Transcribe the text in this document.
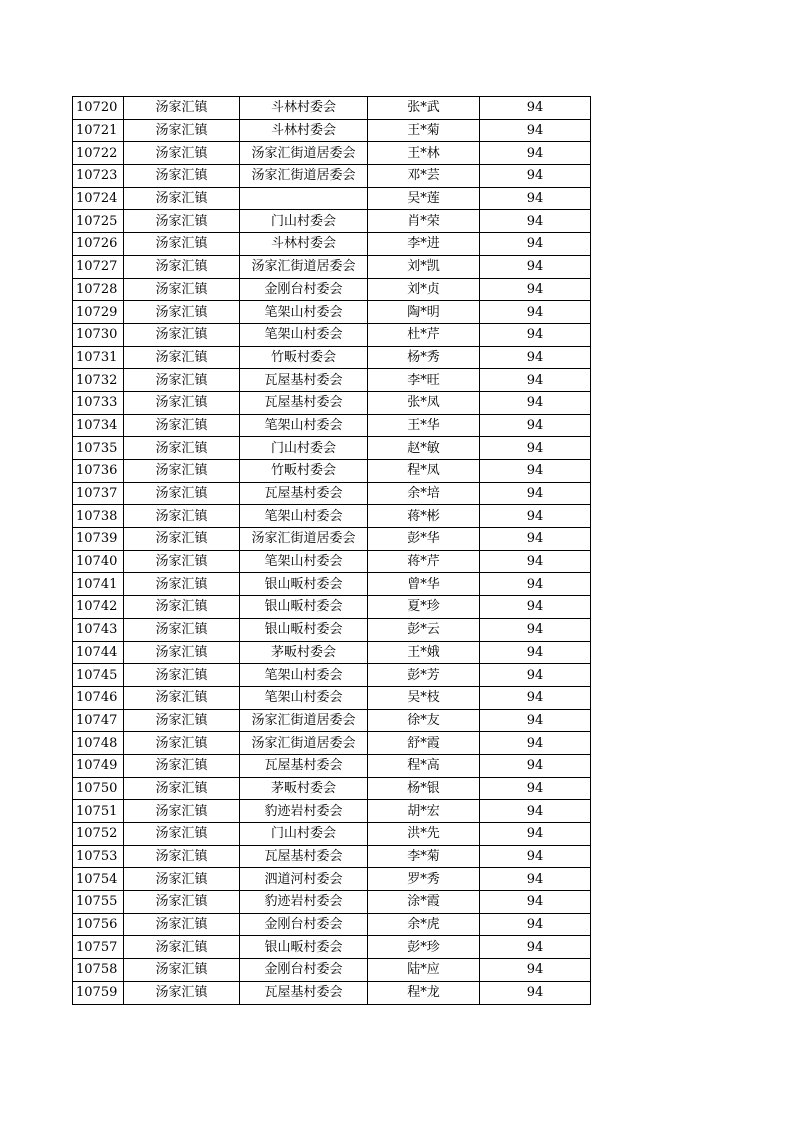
10720	汤家汇镇	斗林村委会	张*武	94
10721	汤家汇镇	斗林村委会	王*菊	94
10722	汤家汇镇	汤家汇街道居委会	王*林	94
10723	汤家汇镇	汤家汇街道居委会	邓*芸	94
10724	汤家汇镇		吴*莲	94
10725	汤家汇镇	门山村委会	肖*荣	94
10726	汤家汇镇	斗林村委会	李*进	94
10727	汤家汇镇	汤家汇街道居委会	刘*凯	94
10728	汤家汇镇	金刚台村委会	刘*贞	94
10729	汤家汇镇	笔架山村委会	陶*明	94
10730	汤家汇镇	笔架山村委会	杜*芹	94
10731	汤家汇镇	竹畈村委会	杨*秀	94
10732	汤家汇镇	瓦屋基村委会	李*旺	94
10733	汤家汇镇	瓦屋基村委会	张*凤	94
10734	汤家汇镇	笔架山村委会	王*华	94
10735	汤家汇镇	门山村委会	赵*敏	94
10736	汤家汇镇	竹畈村委会	程*凤	94
10737	汤家汇镇	瓦屋基村委会	余*培	94
10738	汤家汇镇	笔架山村委会	蒋*彬	94
10739	汤家汇镇	汤家汇街道居委会	彭*华	94
10740	汤家汇镇	笔架山村委会	蒋*芹	94
10741	汤家汇镇	银山畈村委会	曾*华	94
10742	汤家汇镇	银山畈村委会	夏*珍	94
10743	汤家汇镇	银山畈村委会	彭*云	94
10744	汤家汇镇	茅畈村委会	王*娥	94
10745	汤家汇镇	笔架山村委会	彭*芳	94
10746	汤家汇镇	笔架山村委会	吴*枝	94
10747	汤家汇镇	汤家汇街道居委会	徐*友	94
10748	汤家汇镇	汤家汇街道居委会	舒*霞	94
10749	汤家汇镇	瓦屋基村委会	程*高	94
10750	汤家汇镇	茅畈村委会	杨*银	94
10751	汤家汇镇	豹迹岩村委会	胡*宏	94
10752	汤家汇镇	门山村委会	洪*先	94
10753	汤家汇镇	瓦屋基村委会	李*菊	94
10754	汤家汇镇	泗道河村委会	罗*秀	94
10755	汤家汇镇	豹迹岩村委会	涂*霞	94
10756	汤家汇镇	金刚台村委会	余*虎	94
10757	汤家汇镇	银山畈村委会	彭*珍	94
10758	汤家汇镇	金刚台村委会	陆*应	94
10759	汤家汇镇	瓦屋基村委会	程*龙	94
